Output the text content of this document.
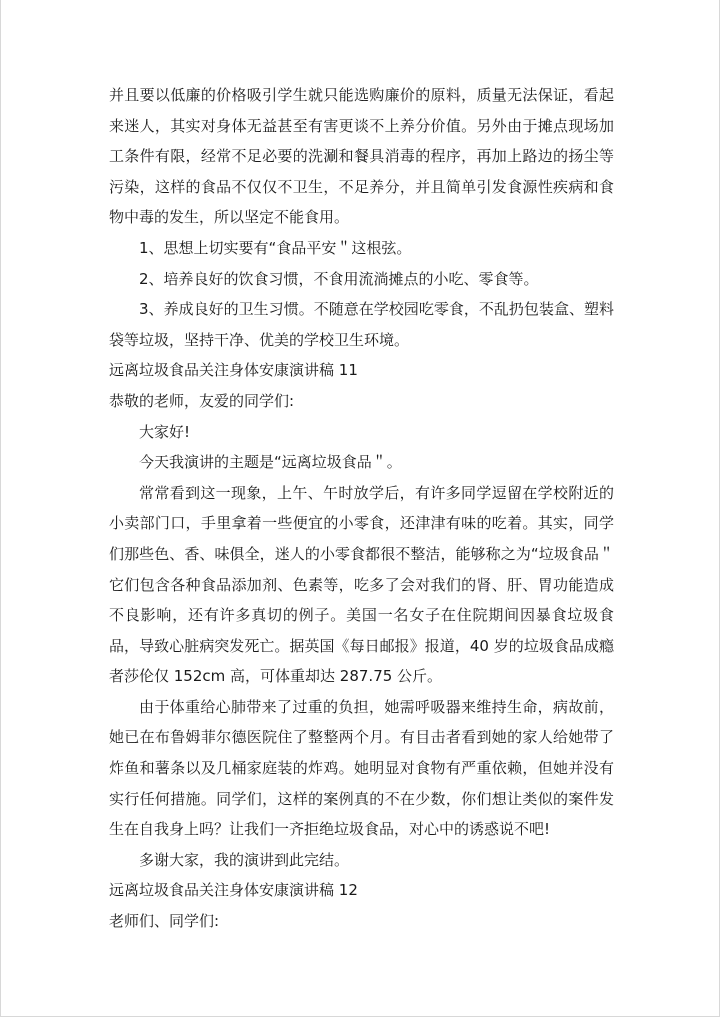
并且要以低廉的价格吸引学生就只能选购廉价的原料，质量无法保证，看起来迷人，其实对身体无益甚至有害更谈不上养分价值。另外由于摊点现场加工条件有限，经常不足必要的洗涮和餐具消毒的程序，再加上路边的扬尘等污染，这样的食品不仅仅不卫生，不足养分，并且简单引发食源性疾病和食物中毒的发生，所以坚定不能食用。

1、思想上切实要有“食品平安＂这根弦。

2、培养良好的饮食习惯，不食用流淌摊点的小吃、零食等。

3、养成良好的卫生习惯。不随意在学校园吃零食，不乱扔包装盒、塑料袋等垃圾，坚持干净、优美的学校卫生环境。

远离垃圾食品关注身体安康演讲稿 11

恭敬的老师，友爱的同学们:

大家好!

今天我演讲的主题是“远离垃圾食品＂。

常常看到这一现象，上午、午时放学后，有许多同学逗留在学校附近的小卖部门口，手里拿着一些便宜的小零食，还津津有味的吃着。其实，同学们那些色、香、味俱全，迷人的小零食都很不整洁，能够称之为“垃圾食品＂它们包含各种食品添加剂、色素等，吃多了会对我们的肾、肝、胃功能造成不良影响，还有许多真切的例子。美国一名女子在住院期间因暴食垃圾食品，导致心脏病突发死亡。据英国《每日邮报》报道，40 岁的垃圾食品成瘾者莎伦仅 152cm 高，可体重却达 287.75 公斤。

由于体重给心肺带来了过重的负担，她需呼吸器来维持生命，病故前，她已在布鲁姆菲尔德医院住了整整两个月。有目击者看到她的家人给她带了炸鱼和薯条以及几桶家庭装的炸鸡。她明显对食物有严重依赖，但她并没有实行任何措施。同学们，这样的案例真的不在少数，你们想让类似的案件发生在自我身上吗？让我们一齐拒绝垃圾食品，对心中的诱惑说不吧!

多谢大家，我的演讲到此完结。

远离垃圾食品关注身体安康演讲稿 12

老师们、同学们:
